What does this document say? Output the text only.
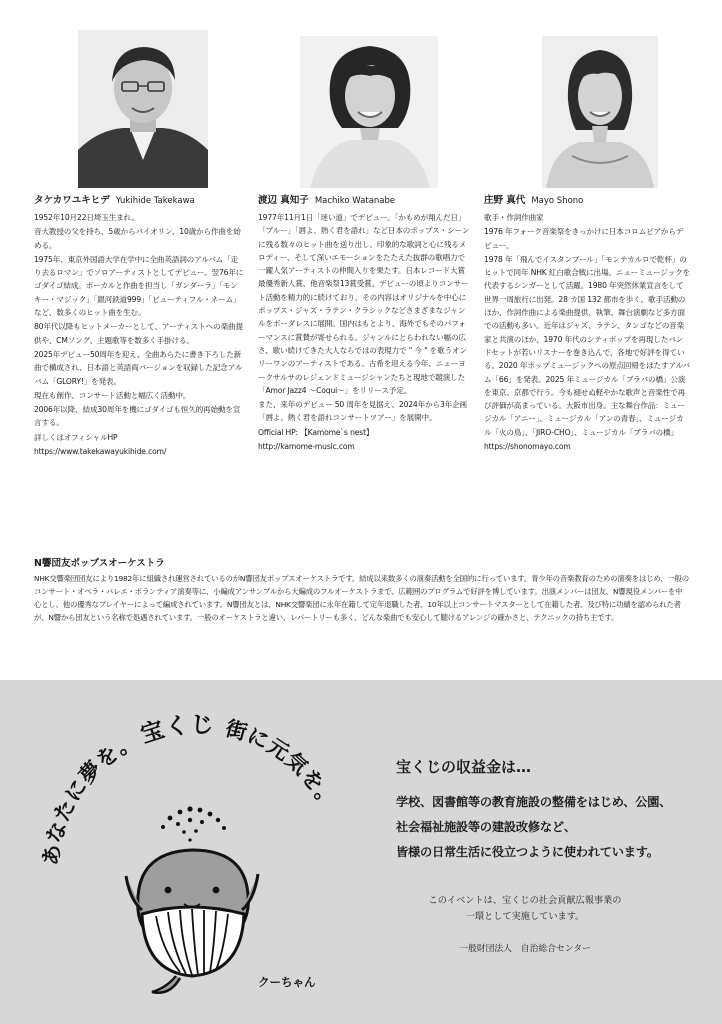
タケカワユキヒデ Yukihide Takekawa

1952年10月22日埼玉生まれ。

音大教授の父を持ち、5歳からバイオリン、10歳から作曲を始める。

1975年、東京外国語大学在学中に全曲英語詞のアルバム「走り去るロマン」でソロアーティストとしてデビュー。翌76年にゴダイゴ結成。ボーカルと作曲を担当し「ガンダーラ」「モンキー・マジック」「銀河鉄道999」「ビューティフル・ネーム」など、数多くのヒット曲を生む。

80年代以降もヒットメーカーとして、アーティストへの楽曲提供や、CMソング、主題歌等を数多く手掛ける。

2025年デビュー50周年を迎え、全曲あらたに書き下ろした新曲で構成され、日本語と英語両バージョンを収録した記念アルバム「GLORY!」を発表。

現在も創作、コンサート活動と幅広く活動中。

2006年以降、結成30周年を機にゴダイゴも恒久的再始動を宣言する。

詳しくはオフィシャルHP

https://www.takekawayukihide.com/

渡辺 真知子 Machiko Watanabe

1977年11月1日「迷い道」でデビュー。「かもめが翔んだ日」「ブルー」「唇よ、熱く君を語れ」など日本のポップス・シーンに残る数々のヒット曲を送り出し、印象的な歌詞と心に残るメロディー、そして深いエモーションをたたえた抜群の歌唱力で一躍人気アーティストの仲間入りを果たす。日本レコード大賞最優秀新人賞、他音楽祭13賞受賞。デビューの頃よりコンサート活動を精力的に続けており、その内容はオリジナルを中心にポップス・ジャズ・ラテン・クラシックなどさまざまなジャンルをボーダレスに展開。国内はもとより、海外でもそのパフォーマンスに賞賛が寄せられる。ジャンルにとらわれない幅の広さ、歌い続けてきた大人ならではの表現力で " 今 " を歌うオンリーワンのアーティストである。古希を迎える今年、ニューヨークサルサのレジェンドミュージシャンたちと現地で競演した「Amor Jazz4 ～Coqui～」をリリース予定。

また、来年のデビュー 50 周年を見据え、2024年から3年企画「唇よ、熱く君を語れコンサートツアー」を展開中。

Official HP: 【Kamome`s nest】

http://kamome-music.com

庄野 真代 Mayo Shono

歌手・作詞作曲家

1976 年フォーク音楽祭をきっかけに日本コロムビアからデビュー。

1978 年「飛んでイスタンブール」「モンテカルロで乾杯」のヒットで同年 NHK 紅白歌合戦に出場。ニューミュージックを代表するシンガーとして活躍。1980 年突然休業宣言をして世界一周旅行に出発。28 カ国 132 都市を歩く。歌手活動のほか、作詞作曲による楽曲提供、執筆、舞台演劇など多方面での活動も多い。近年はジャズ、ラテン、タンゴなどの音楽家と共演のほか、1970 年代のシティポップを再現したバンドセットが若いリスナーを巻き込んで、各地で好評を得ている。2020 年ポップミュージックへの原点回帰をはたすアルバム「66」を発表。2025 年ミュージカル「ブラバの橋」公演を東京、京都で行う。今も褪せぬ軽やかな歌声と音楽性で再び評価が高まっている。大阪市出身。主な舞台作品：ミュージカル「アニー」、ミュージカル「アンの青春」、ミュージカル「火の鳥」、「JIRO-CHO」、ミュージカル「ブラバの橋」

https://shonomayo.com

N響団友ポップスオーケストラ

NHK交響楽団団友により1982年に組織され運営されているのがN響団友ポップスオーケストラです。結成以来数多くの演奏活動を全国的に行っています。青少年の音楽教育のための演奏をはじめ、一般のコンサート・オペラ・バレエ・ボランティア演奏等に、小編成アンサンブルから大編成のフルオーケストラまで、広範囲のプログラムで好評を博しています。出演メンバーは団友、N響現役メンバーを中心とし、他の優秀なプレイヤーによって編成されています。N響団友とは、NHK交響楽団に永年在籍して定年退職した者、10年以上コンサートマスターとして在籍した者、及び特に功績を認められた者が、N響から団友という名称で処遇されています。一般のオーケストラと違い、レパートリーも多く、どんな楽曲でも安心して聴けるアレンジの確かさと、テクニックの持ち主です。

あなたに夢を。宝くじ 街に元気を。
クーちゃん
宝くじの収益金は…

学校、図書館等の教育施設の整備をはじめ、公園、

社会福祉施設等の建設改修など、

皆様の日常生活に役立つように使われています。

このイベントは、宝くじの社会貢献広報事業の

一環として実施しています。

一般財団法人　自治総合センター
